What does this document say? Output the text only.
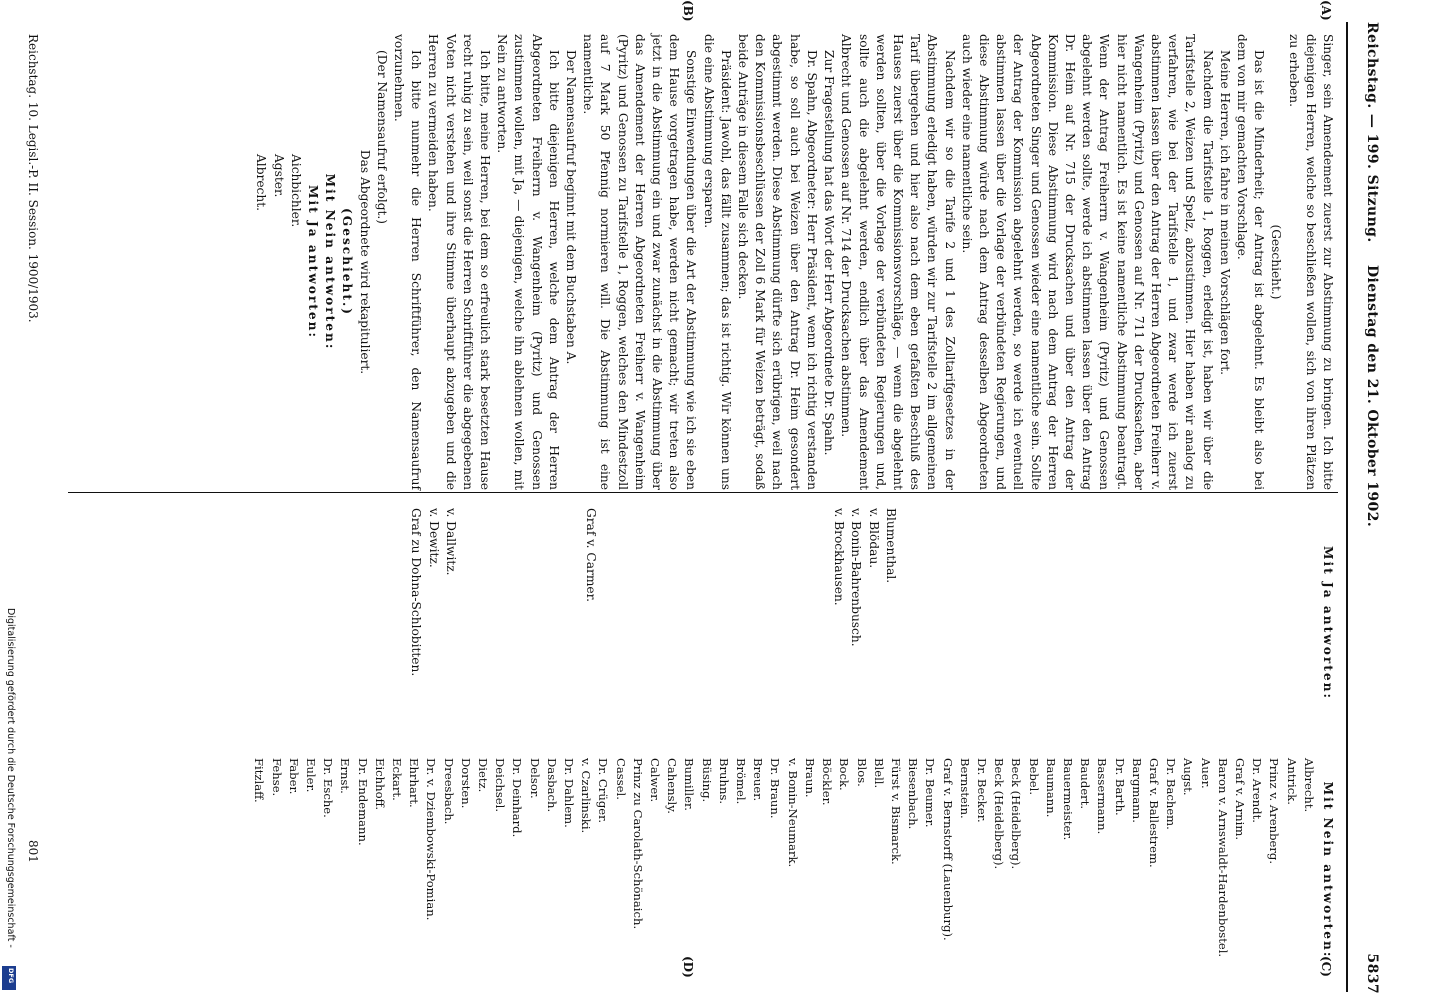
Digitalisierung gefördert durch die Deutsche Forschungsgemeinschaft -
DFG
Reichstag. — 199. Sitzung.
Dienstag den 21. Oktober 1902.
5837
(A)
(B)
(C)
(D)

Singer, sein Amendement zuerst zur Abstimmung zu bringen. Ich bitte diejenigen Herren, welche so beschließen wollen, sich von ihren Plätzen zu erheben.

(Geschieht.)

Das ist die Minderheit; der Antrag ist abgelehnt. Es bleibt also bei dem von mir gemachten Vorschlage.

Meine Herren, ich fahre in meinen Vorschlägen fort.

Nachdem die Tarifstelle 1, Roggen, erledigt ist, haben wir über die Tarifstelle 2, Weizen und Spelz, abzustimmen. Hier haben wir analog zu verfahren, wie bei der Tarifstelle 1, und zwar werde ich zuerst abstimmen lassen über den Antrag der Herren Abgeordneten Freiherr v. Wangenheim (Pyritz) und Genossen auf Nr. 711 der Drucksachen, aber hier nicht namentlich. Es ist keine namentliche Abstimmung beantragt. Wenn der Antrag Freiherrn v. Wangenheim (Pyritz) und Genossen abgelehnt werden sollte, werde ich abstimmen lassen über den Antrag Dr. Heim auf Nr. 715 der Drucksachen und über den Antrag der Kommission. Diese Abstimmung wird nach dem Antrag der Herren Abgeordneten Singer und Genossen wieder eine namentliche sein. Sollte der Antrag der Kommission abgelehnt werden, so werde ich eventuell abstimmen lassen über die Vorlage der verbündeten Regierungen, und diese Abstimmung würde nach dem Antrag desselben Abgeordneten auch wieder eine namentliche sein.

Nachdem wir so die Tarife 2 und 1 des Zolltarifgesetzes in der Abstimmung erledigt haben, würden wir zur Tarifstelle 2 im allgemeinen Tarif übergehen und hier also nach dem eben gefaßten Beschluß des Hauses zuerst über die Kommissionsvorschläge, — wenn die abgelehnt werden sollten, über die Vorlage der verbündeten Regierungen und, sollte auch die abgelehnt werden, endlich über das Amendement Albrecht und Genossen auf Nr. 714 der Drucksachen abstimmen.

Zur Fragestellung hat das Wort der Herr Abgeordnete Dr. Spahn.

Dr. Spahn, Abgeordneter: Herr Präsident, wenn ich richtig verstanden habe, so soll auch bei Weizen über den Antrag Dr. Heim gesondert abgestimmt werden. Diese Abstimmung dürfte sich erübrigen, weil nach den Kommissionsbeschlüssen der Zoll 6 Mark für Weizen beträgt, sodaß beide Anträge in diesem Falle sich decken.

Präsident: Jawohl, das fällt zusammen; das ist richtig. Wir können uns die eine Abstimmung ersparen.

Sonstige Einwendungen über die Art der Abstimmung wie ich sie eben dem Hause vorgetragen habe, werden nicht gemacht; wir treten also jetzt in die Abstimmung ein und zwar zunächst in die Abstimmung über das Amendement der Herren Abgeordneten Freiherr v. Wangenheim (Pyritz) und Genossen zu Tarifstelle 1, Roggen, welches den Mindestzoll auf 7 Mark 50 Pfennig normieren will. Die Abstimmung ist eine namentliche.

Der Namensaufruf beginnt mit dem Buchstaben A.

Ich bitte diejenigen Herren, welche dem Antrag der Herren Abgeordneten Freiherrn v. Wangenheim (Pyritz) und Genossen zustimmen wollen, mit Ja, — diejenigen, welche ihn ablehnen wollen, mit Nein zu antworten.

Ich bitte, meine Herren, bei dem so erfreulich stark besetzten Hause recht ruhig zu sein, weil sonst die Herren Schriftführer die abgegebenen Voten nicht verstehen und ihre Stimme überhaupt abzugeben und die Herren zu vermeiden haben.

Ich bitte nunmehr die Herren Schriftführer, den Namensaufruf vorzunehmen.

(Der Namensaufruf erfolgt.)

Das Abgeordnete wird rekapituliert.

(Geschieht.)

Mit Nein antworten:

Mit Ja antworten:

Aichbichler.
Agster.
Albrecht.
Reichstag. 10. Legisl.-P. II. Session. 1900/1903.

Mit Ja antworten:

Blumenthal.
v. Blödau.
v. Bonin-Bahrenbusch.
v. Brockhausen.
Graf v. Carmer.
v. Dallwitz.
v. Dewitz.
Graf zu Dohna-Schlobitten.

Mit Nein antworten:

Albrecht.
Antrick.
Prinz v. Arenberg.
Dr. Arendt.
Graf v. Arnim.
Baron v. Arnswaldt-Hardenbostel.
Auer.
Augst.
Dr. Bachem.
Graf v. Ballestrem.
Bargmann.
Dr. Barth.
Bassermann.
Baudert.
Bauermeister.
Baumann.
Bebel.
Beck (Heidelberg).
Beck (Heidelberg).
Dr. Becker.
Bernstein.
Graf v. Bernstorff (Lauenburg).
Dr. Beumer.
Biesenbach.
Fürst v. Bismarck.
Blell.
Blos.
Bock.
Böckler.
Braun.
v. Bonin-Neumark.
Dr. Braun.
Breuer.
Brömel.
Bruhns.
Büsing.
Bumiller.
Cahensly.
Calwer.
Prinz zu Carolath-Schönaich.
Cassel.
Dr. Crüger.
v. Czarlinski.
Dr. Dahlem.
Dasbach.
Delsor.
Dr. Deinhard.
Deichsel.
Dietz.
Dorsten.
Dreesbach.
Dr. v. Dziembowski-Pomian.
Ehrhart.
Eckart.
Eichhoff.
Dr. Endemann.
Ernst.
Dr. Esche.
Euler.
Faber.
Fehse.
Fitzlaff.
801
